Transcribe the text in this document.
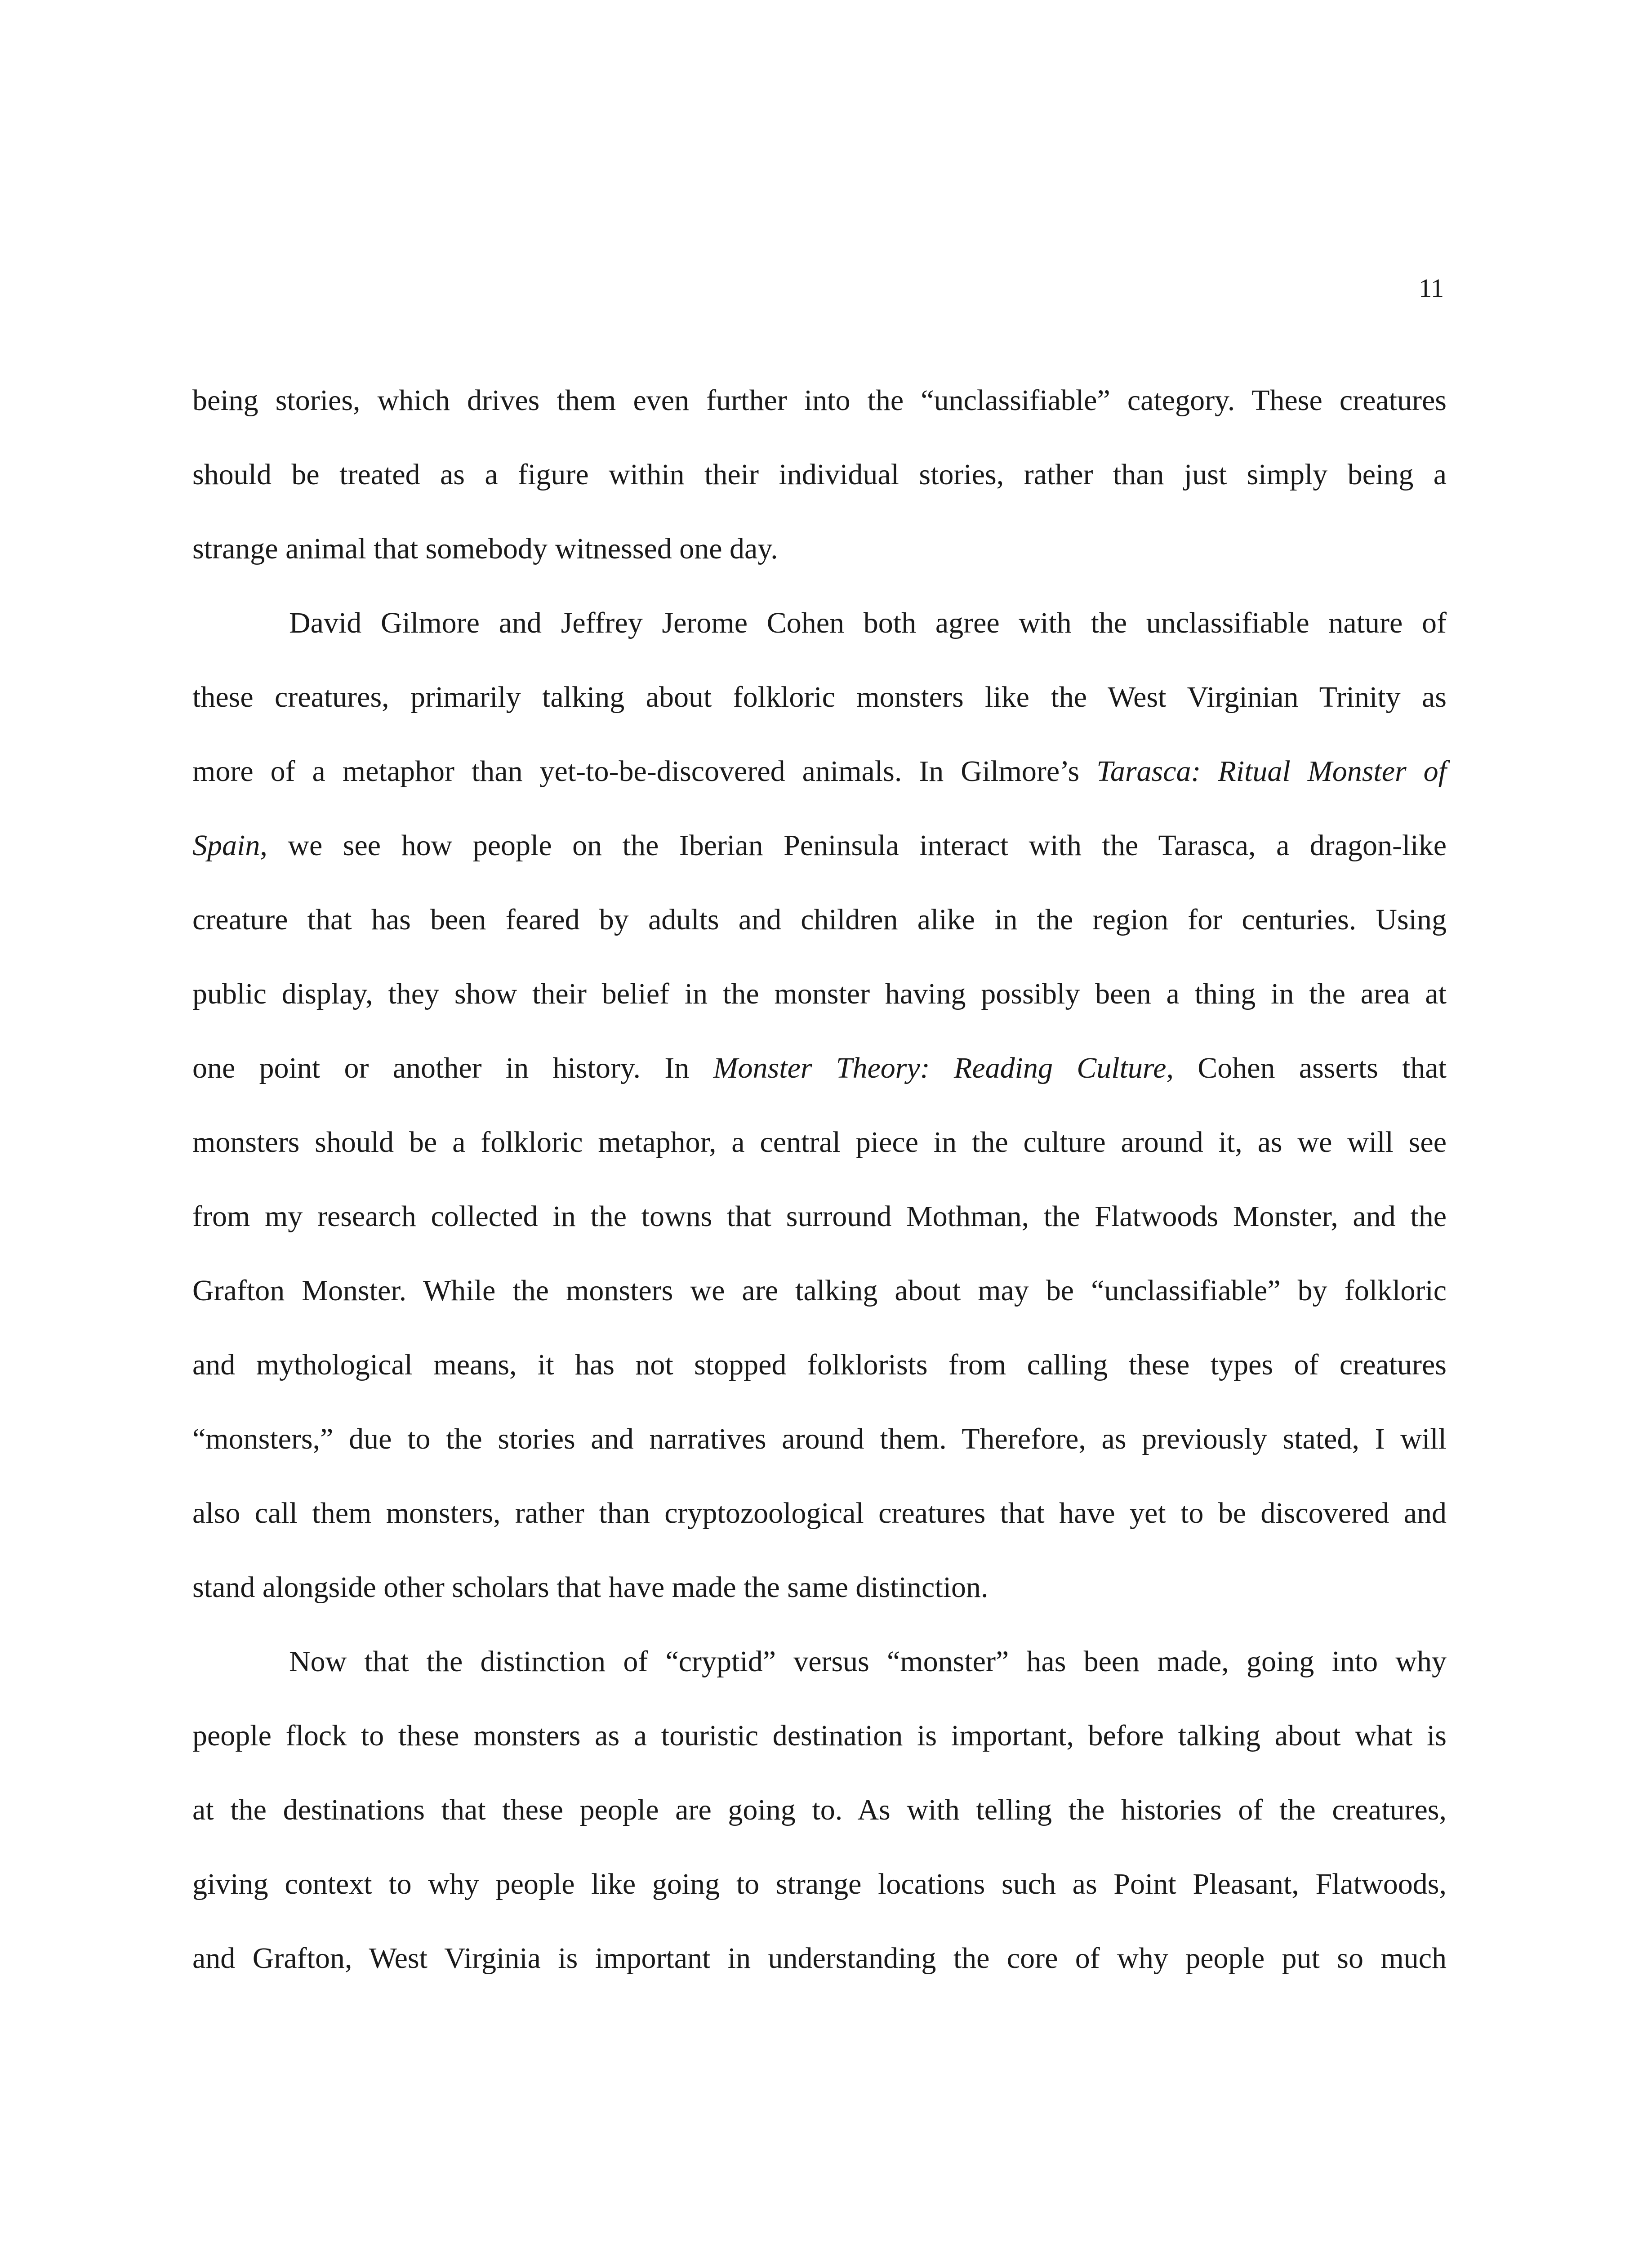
11
being stories, which drives them even further into the “unclassifiable” category. These creatures
should be treated as a figure within their individual stories, rather than just simply being a
strange animal that somebody witnessed one day.
David Gilmore and Jeffrey Jerome Cohen both agree with the unclassifiable nature of
these creatures, primarily talking about folkloric monsters like the West Virginian Trinity as
more of a metaphor than yet-to-be-discovered animals. In Gilmore’s Tarasca: Ritual Monster of
Spain, we see how people on the Iberian Peninsula interact with the Tarasca, a dragon-like
creature that has been feared by adults and children alike in the region for centuries. Using
public display, they show their belief in the monster having possibly been a thing in the area at
one point or another in history. In Monster Theory: Reading Culture, Cohen asserts that
monsters should be a folkloric metaphor, a central piece in the culture around it, as we will see
from my research collected in the towns that surround Mothman, the Flatwoods Monster, and the
Grafton Monster. While the monsters we are talking about may be “unclassifiable” by folkloric
and mythological means, it has not stopped folklorists from calling these types of creatures
“monsters,” due to the stories and narratives around them. Therefore, as previously stated, I will
also call them monsters, rather than cryptozoological creatures that have yet to be discovered and
stand alongside other scholars that have made the same distinction.
Now that the distinction of “cryptid” versus “monster” has been made, going into why
people flock to these monsters as a touristic destination is important, before talking about what is
at the destinations that these people are going to. As with telling the histories of the creatures,
giving context to why people like going to strange locations such as Point Pleasant, Flatwoods,
and Grafton, West Virginia is important in understanding the core of why people put so much
